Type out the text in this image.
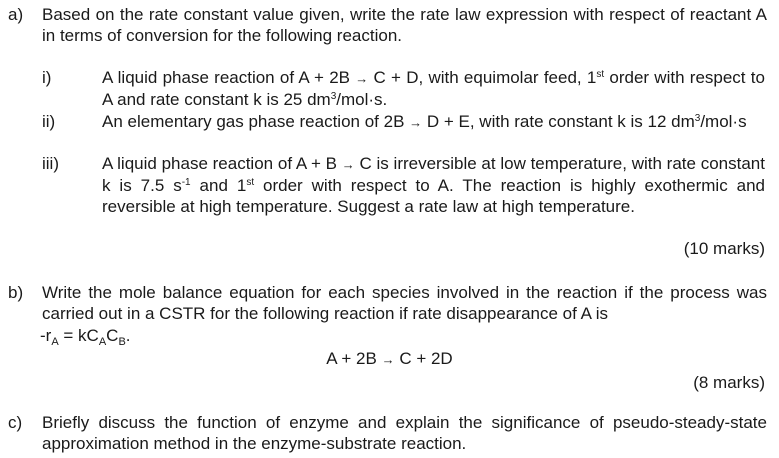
a) Based on the rate constant value given, write the rate law expression with respect of reactant A in terms of conversion for the following reaction.
i)	A liquid phase reaction of A + 2B → C + D, with equimolar feed, 1st order with respect to A and rate constant k is 25 $dm^3/mol\cdot s$.
ii)	An elementary gas phase reaction of 2B → D + E, with rate constant k is 12 $dm^3/mol\cdot s$
iii)	A liquid phase reaction of A + B → C is irreversible at low temperature, with rate constant k is 7.5 $s^{-1}$ and 1st order with respect to A. The reaction is highly exothermic and reversible at high temperature. Suggest a rate law at high temperature.
(10 marks)
b) Write the mole balance equation for each species involved in the reaction if the process was carried out in a CSTR for the following reaction if rate disappearance of A is
$-r_A = kC_AC_B$.
A + 2B → C + 2D
(8 marks)
c) Briefly discuss the function of enzyme and explain the significance of pseudo-steady-state approximation method in the enzyme-substrate reaction.
